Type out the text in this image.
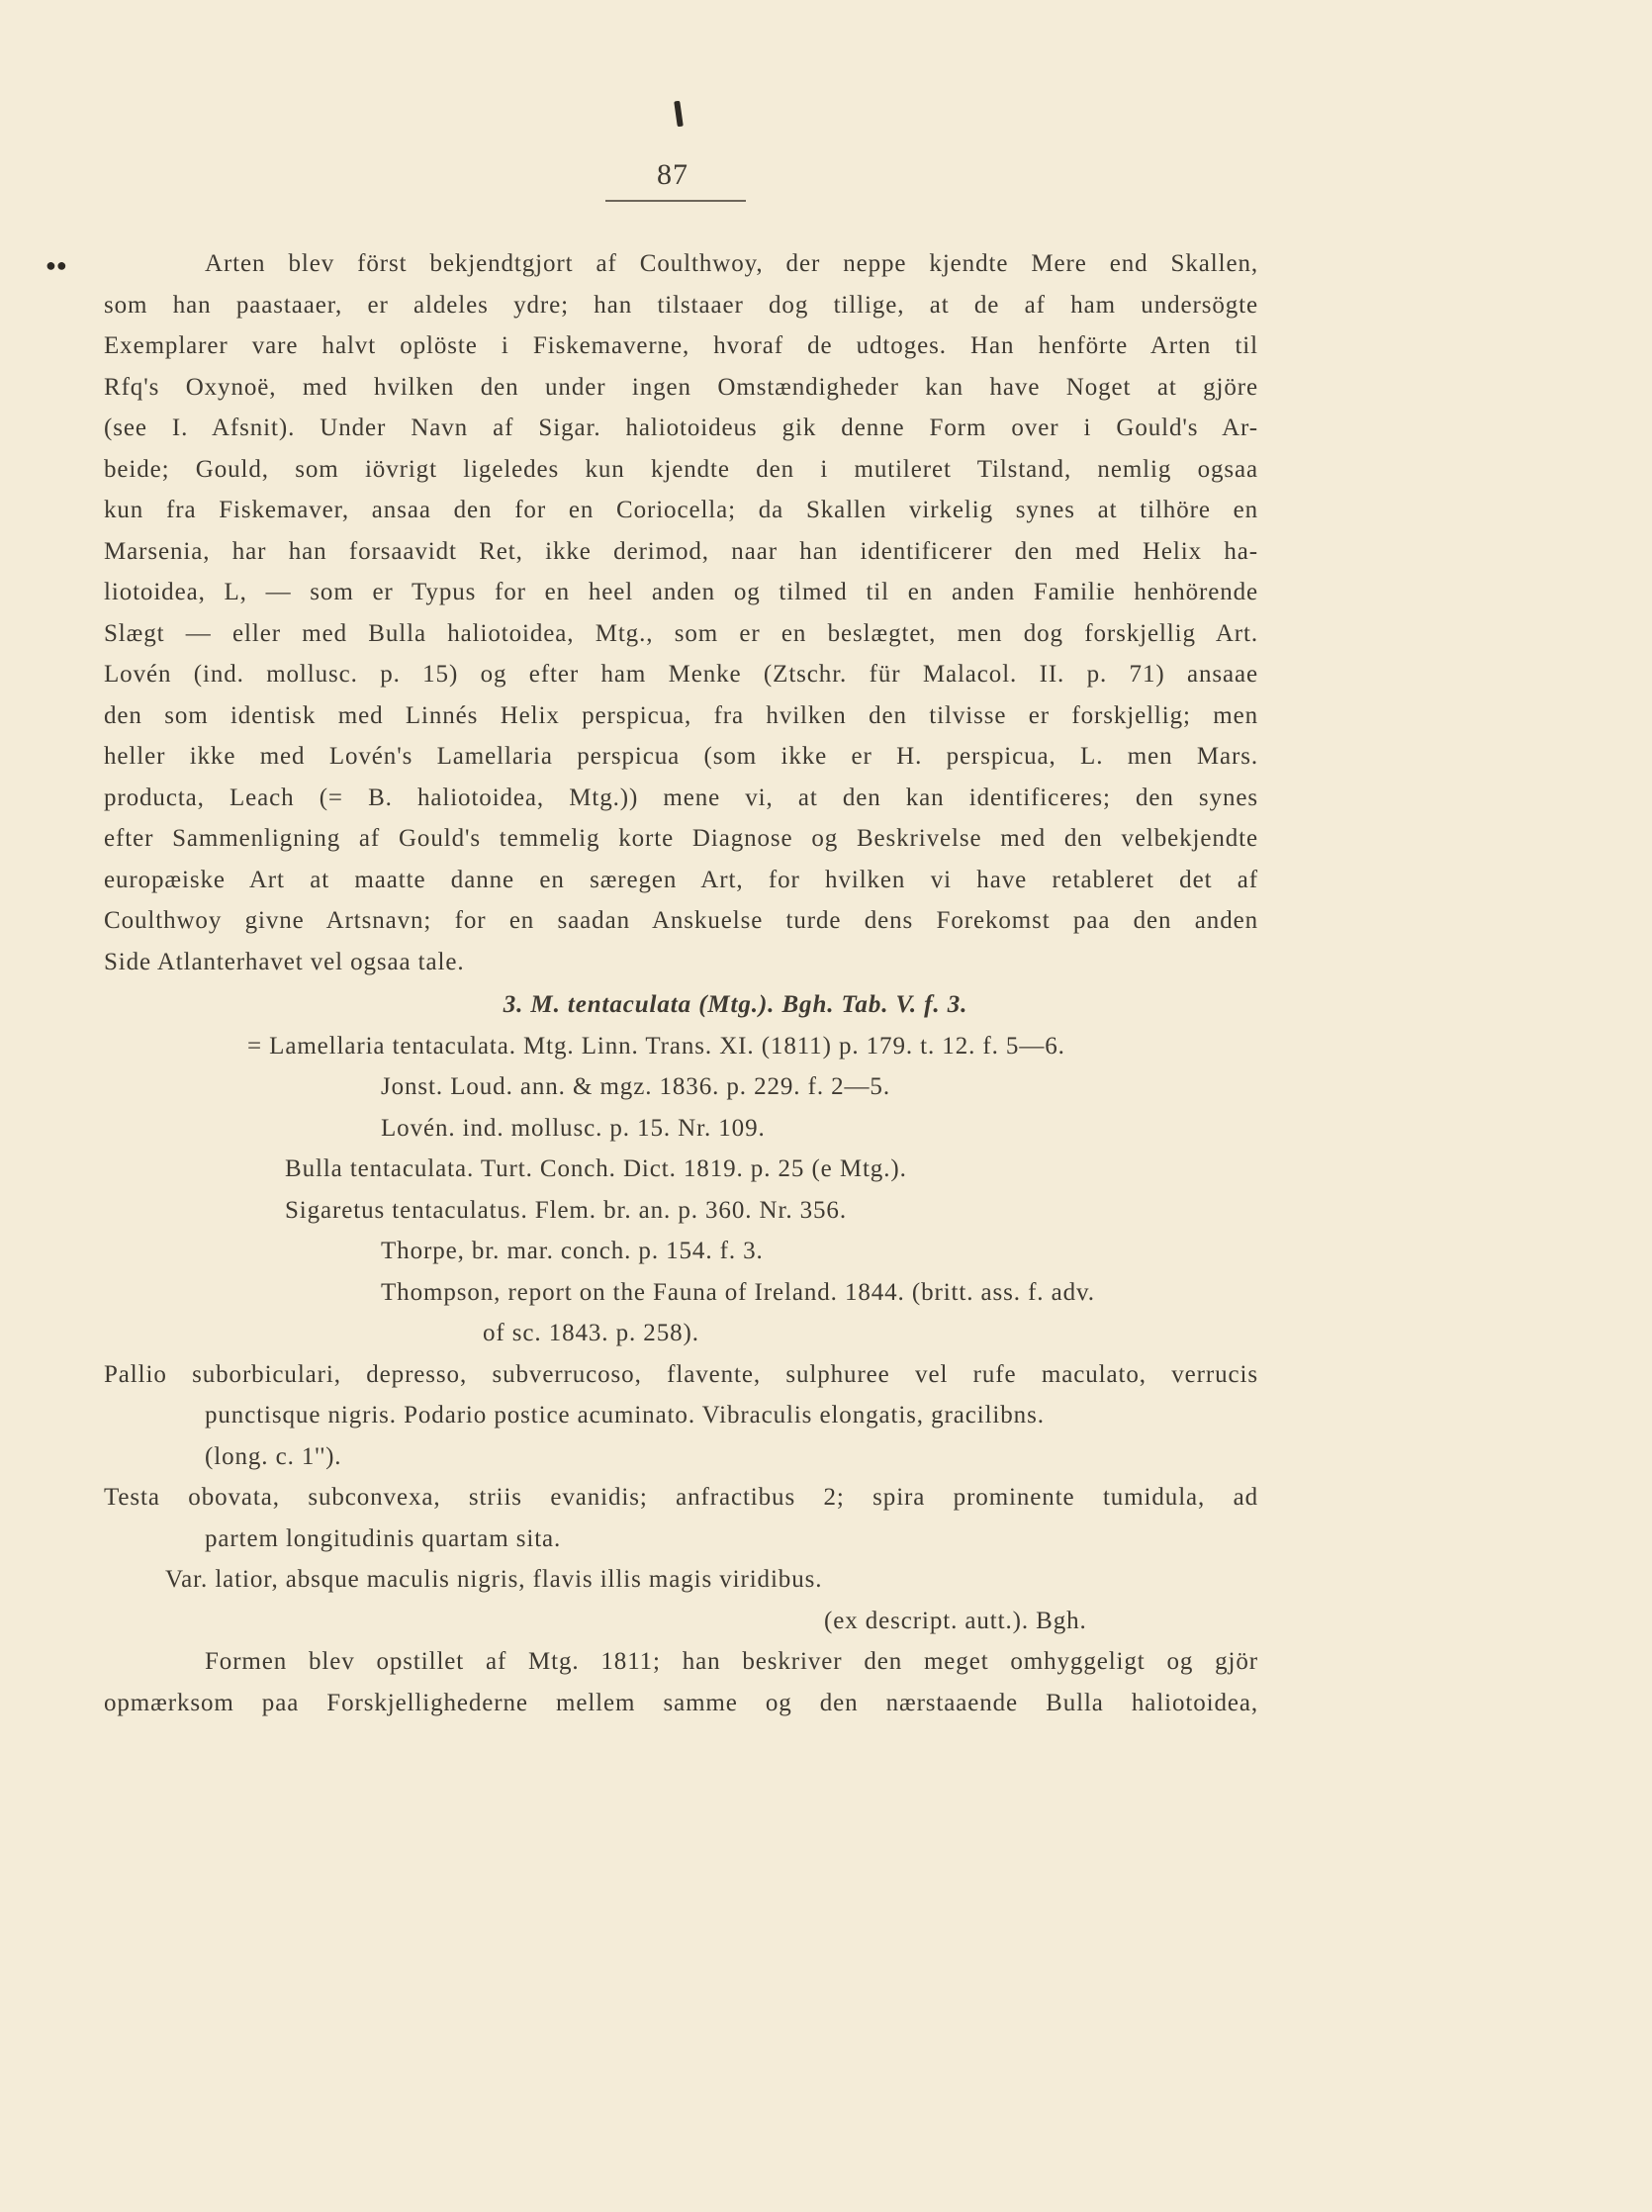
87
●●	Arten blev först bekjendtgjort af Coulthwoy, der neppe kjendte Mere end Skallen,
som han paastaaer, er aldeles ydre; han tilstaaer dog tillige, at de af ham undersögte
Exemplarer vare halvt oplöste i Fiskemaverne, hvoraf de udtoges. Han henförte Arten til
Rfq's Oxynoë, med hvilken den under ingen Omstændigheder kan have Noget at gjöre
(see I. Afsnit). Under Navn af Sigar. haliotoideus gik denne Form over i Gould's Ar-
beide; Gould, som iövrigt ligeledes kun kjendte den i mutileret Tilstand, nemlig ogsaa
kun fra Fiskemaver, ansaa den for en Coriocella; da Skallen virkelig synes at tilhöre en
Marsenia, har han forsaavidt Ret, ikke derimod, naar han identificerer den med Helix ha-
liotoidea, L, — som er Typus for en heel anden og tilmed til en anden Familie henhörende
Slægt — eller med Bulla haliotoidea, Mtg., som er en beslægtet, men dog forskjellig Art.
Lovén (ind. mollusc. p. 15) og efter ham Menke (Ztschr. für Malacol. II. p. 71) ansaae
den som identisk med Linnés Helix perspicua, fra hvilken den tilvisse er forskjellig; men
heller ikke med Lovén's Lamellaria perspicua (som ikke er H. perspicua, L. men Mars.
producta, Leach (= B. haliotoidea, Mtg.)) mene vi, at den kan identificeres; den synes
efter Sammenligning af Gould's temmelig korte Diagnose og Beskrivelse med den velbekjendte
europæiske Art at maatte danne en særegen Art, for hvilken vi have retableret det af
Coulthwoy givne Artsnavn; for en saadan Anskuelse turde dens Forekomst paa den anden
Side Atlanterhavet vel ogsaa tale.
3. M. tentaculata (Mtg.). Bgh. Tab. V. f. 3.
= Lamellaria tentaculata. Mtg. Linn. Trans. XI. (1811) p. 179. t. 12. f. 5—6.
Jonst. Loud. ann. & mgz. 1836. p. 229. f. 2—5.
Lovén. ind. mollusc. p. 15. Nr. 109.
Bulla tentaculata. Turt. Conch. Dict. 1819. p. 25 (e Mtg.).
Sigaretus tentaculatus. Flem. br. an. p. 360. Nr. 356.
Thorpe, br. mar. conch. p. 154. f. 3.
Thompson, report on the Fauna of Ireland. 1844. (britt. ass. f. adv.
of sc. 1843. p. 258).
Pallio suborbiculari, depresso, subverrucoso, flavente, sulphuree vel rufe maculato, verrucis
punctisque nigris. Podario postice acuminato. Vibraculis elongatis, gracilibns.
(long. c. 1'').
Testa obovata, subconvexa, striis evanidis; anfractibus 2; spira prominente tumidula, ad
partem longitudinis quartam sita.
Var. latior, absque maculis nigris, flavis illis magis viridibus.
(ex descript. autt.). Bgh.
Formen blev opstillet af Mtg. 1811; han beskriver den meget omhyggeligt og gjör
opmærksom paa Forskjellighederne mellem samme og den nærstaaende Bulla haliotoidea,
